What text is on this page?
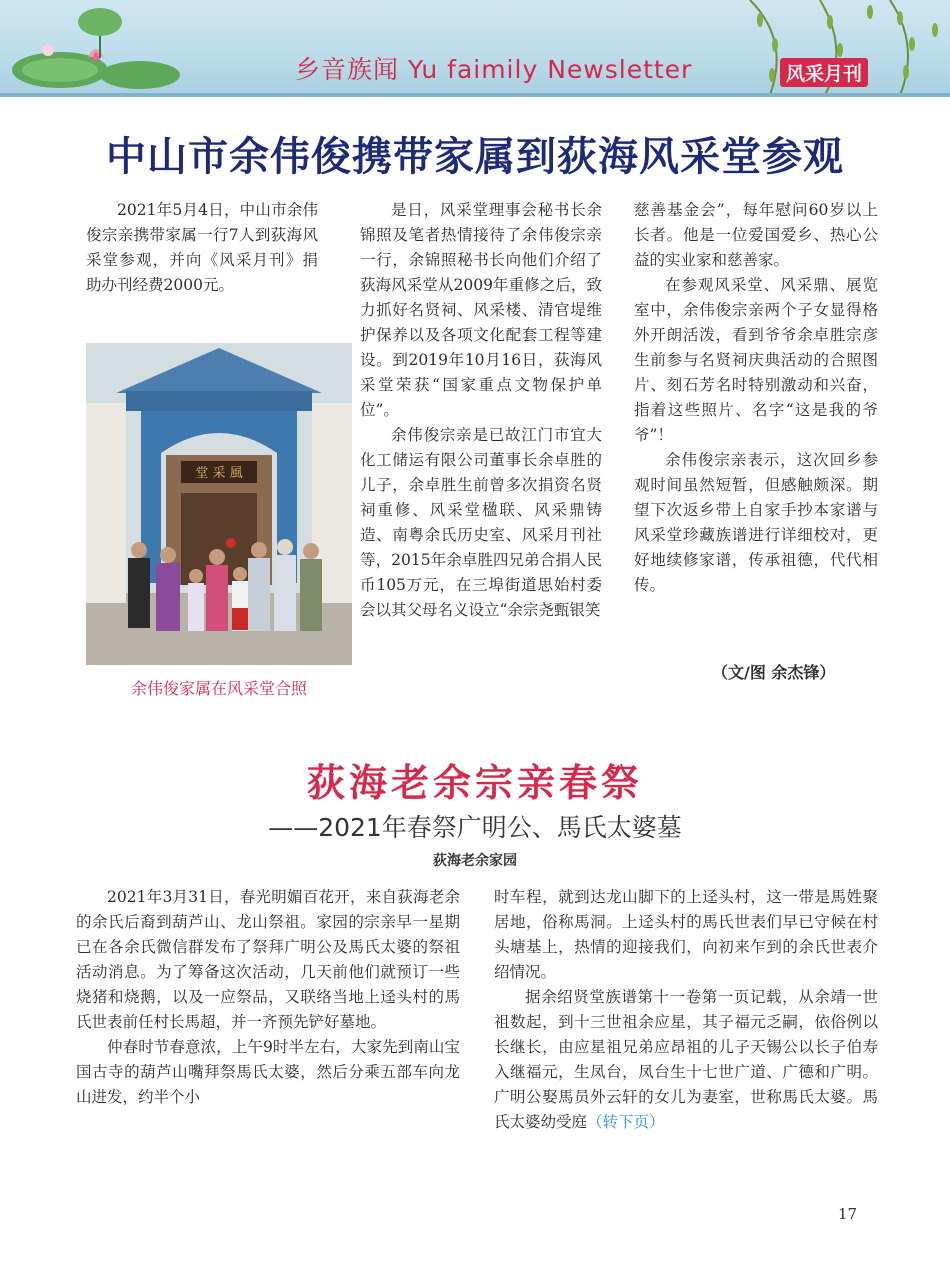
乡音族闻 Yu faimily Newsletter	风采月刊
中山市余伟俊携带家属到荻海风采堂参观

2021年5月4日，中山市余伟俊宗亲携带家属一行7人到荻海风采堂参观，并向《风采月刊》捐助办刊经费2000元。

堂 采 風
余伟俊家属在风采堂合照

是日，风采堂理事会秘书长余锦照及笔者热情接待了余伟俊宗亲一行，余锦照秘书长向他们介绍了荻海风采堂从2009年重修之后，致力抓好名贤祠、风采楼、清官堤维护保养以及各项文化配套工程等建设。到2019年10月16日，荻海风采堂荣获“国家重点文物保护单位”。

余伟俊宗亲是已故江门市宜大化工储运有限公司董事长余卓胜的儿子，余卓胜生前曾多次捐资名贤祠重修、风采堂楹联、风采鼎铸造、南粤余氏历史室、风采月刊社等，2015年余卓胜四兄弟合捐人民币105万元，在三埠街道思始村委会以其父母名义设立“余宗尧甄银笑

慈善基金会”，每年慰问60岁以上长者。他是一位爱国爱乡、热心公益的实业家和慈善家。

在参观风采堂、风采鼎、展览室中，余伟俊宗亲两个子女显得格外开朗活泼，看到爷爷余卓胜宗彦生前参与名贤祠庆典活动的合照图片、刻石芳名时特别激动和兴奋，指着这些照片、名字“这是我的爷爷”！

余伟俊宗亲表示，这次回乡参观时间虽然短暂，但感触颇深。期望下次返乡带上自家手抄本家谱与风采堂珍藏族谱进行详细校对，更好地续修家谱，传承祖德，代代相传。

（文/图 余杰锋）
荻海老余宗亲春祭
——2021年春祭广明公、馬氏太婆墓
荻海老余家园

2021年3月31日，春光明媚百花开，来自荻海老余的余氏后裔到葫芦山、龙山祭祖。家园的宗亲早一星期已在各余氏微信群发布了祭拜广明公及馬氏太婆的祭祖活动消息。为了筹备这次活动，几天前他们就预订一些烧猪和烧鹅，以及一应祭品，又联络当地上迳头村的馬氏世表前任村长馬超，并一齐预先铲好墓地。

仲春时节春意浓，上午9时半左右，大家先到南山宝国古寺的葫芦山嘴拜祭馬氏太婆，然后分乘五部车向龙山进发，约半个小

时车程，就到达龙山脚下的上迳头村，这一带是馬姓聚居地，俗称馬洞。上迳头村的馬氏世表们早已守候在村头塘基上，热情的迎接我们，向初来乍到的余氏世表介绍情况。

据余绍贤堂族谱第十一卷第一页记载，从余靖一世祖数起，到十三世祖余应星，其子福元乏嗣，依俗例以长继长，由应星祖兄弟应昂祖的儿子天锡公以长子伯寿入继福元，生凤台，凤台生十七世广道、广德和广明。广明公娶馬员外云轩的女儿为妻室，世称馬氏太婆。馬氏太婆幼受庭（转下页）

17
